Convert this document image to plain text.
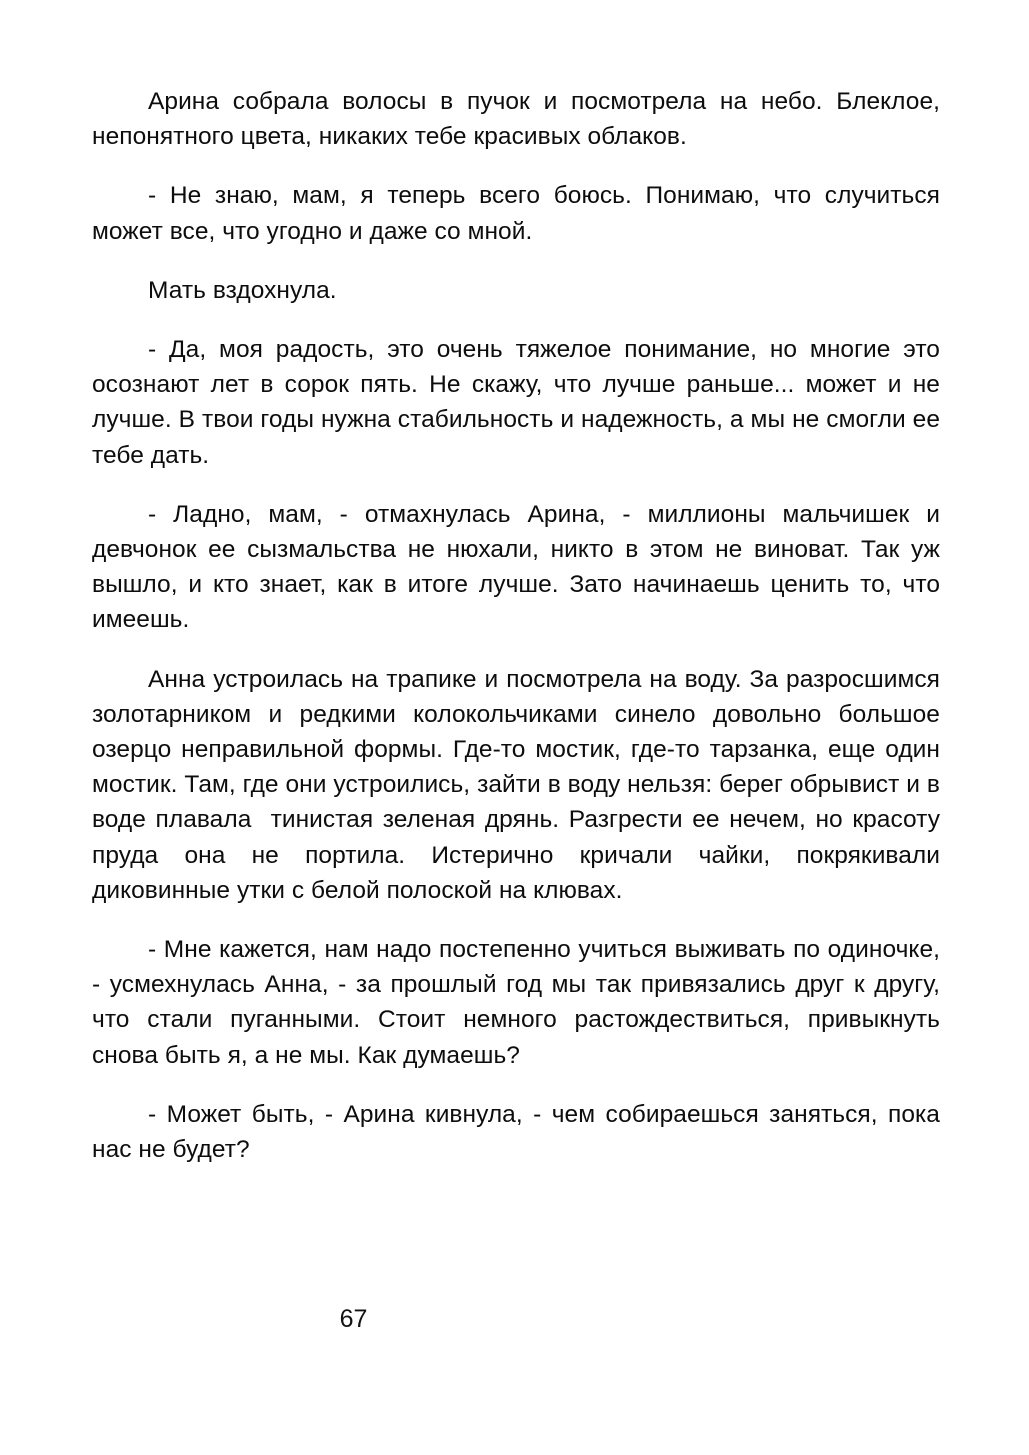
Арина собрала волосы в пучок и посмотрела на небо. Блеклое, непонятного цвета, никаких тебе красивых облаков.

- Не знаю, мам, я теперь всего боюсь. Понимаю, что случиться может все, что угодно и даже со мной.

Мать вздохнула.

- Да, моя радость, это очень тяжелое понимание, но многие это осознают лет в сорок пять. Не скажу, что лучше раньше... может и не лучше. В твои годы нужна стабильность и надежность, а мы не смогли ее тебе дать.

- Ладно, мам, - отмахнулась Арина, - миллионы мальчишек и девчонок ее сызмальства не нюхали, никто в этом не виноват. Так уж вышло, и кто знает, как в итоге лучше. Зато начинаешь ценить то, что имеешь.

Анна устроилась на трапике и посмотрела на воду. За разросшимся золотарником и редкими колокольчиками синело довольно большое озерцо неправильной формы. Где-то мостик, где-то тарзанка, еще один мостик. Там, где они устроились, зайти в воду нельзя: берег обрывист и в воде плавала  тинистая зеленая дрянь. Разгрести ее нечем, но красоту пруда она не портила. Истерично кричали чайки, покрякивали диковинные утки с белой полоской на клювах.

- Мне кажется, нам надо постепенно учиться выживать по одиночке, - усмехнулась Анна, - за прошлый год мы так привязались друг к другу, что стали пуганными. Стоит немного растождествиться, привыкнуть снова быть я, а не мы. Как думаешь?

- Может быть, - Арина кивнула, - чем собираешься заняться, пока нас не будет?

67
